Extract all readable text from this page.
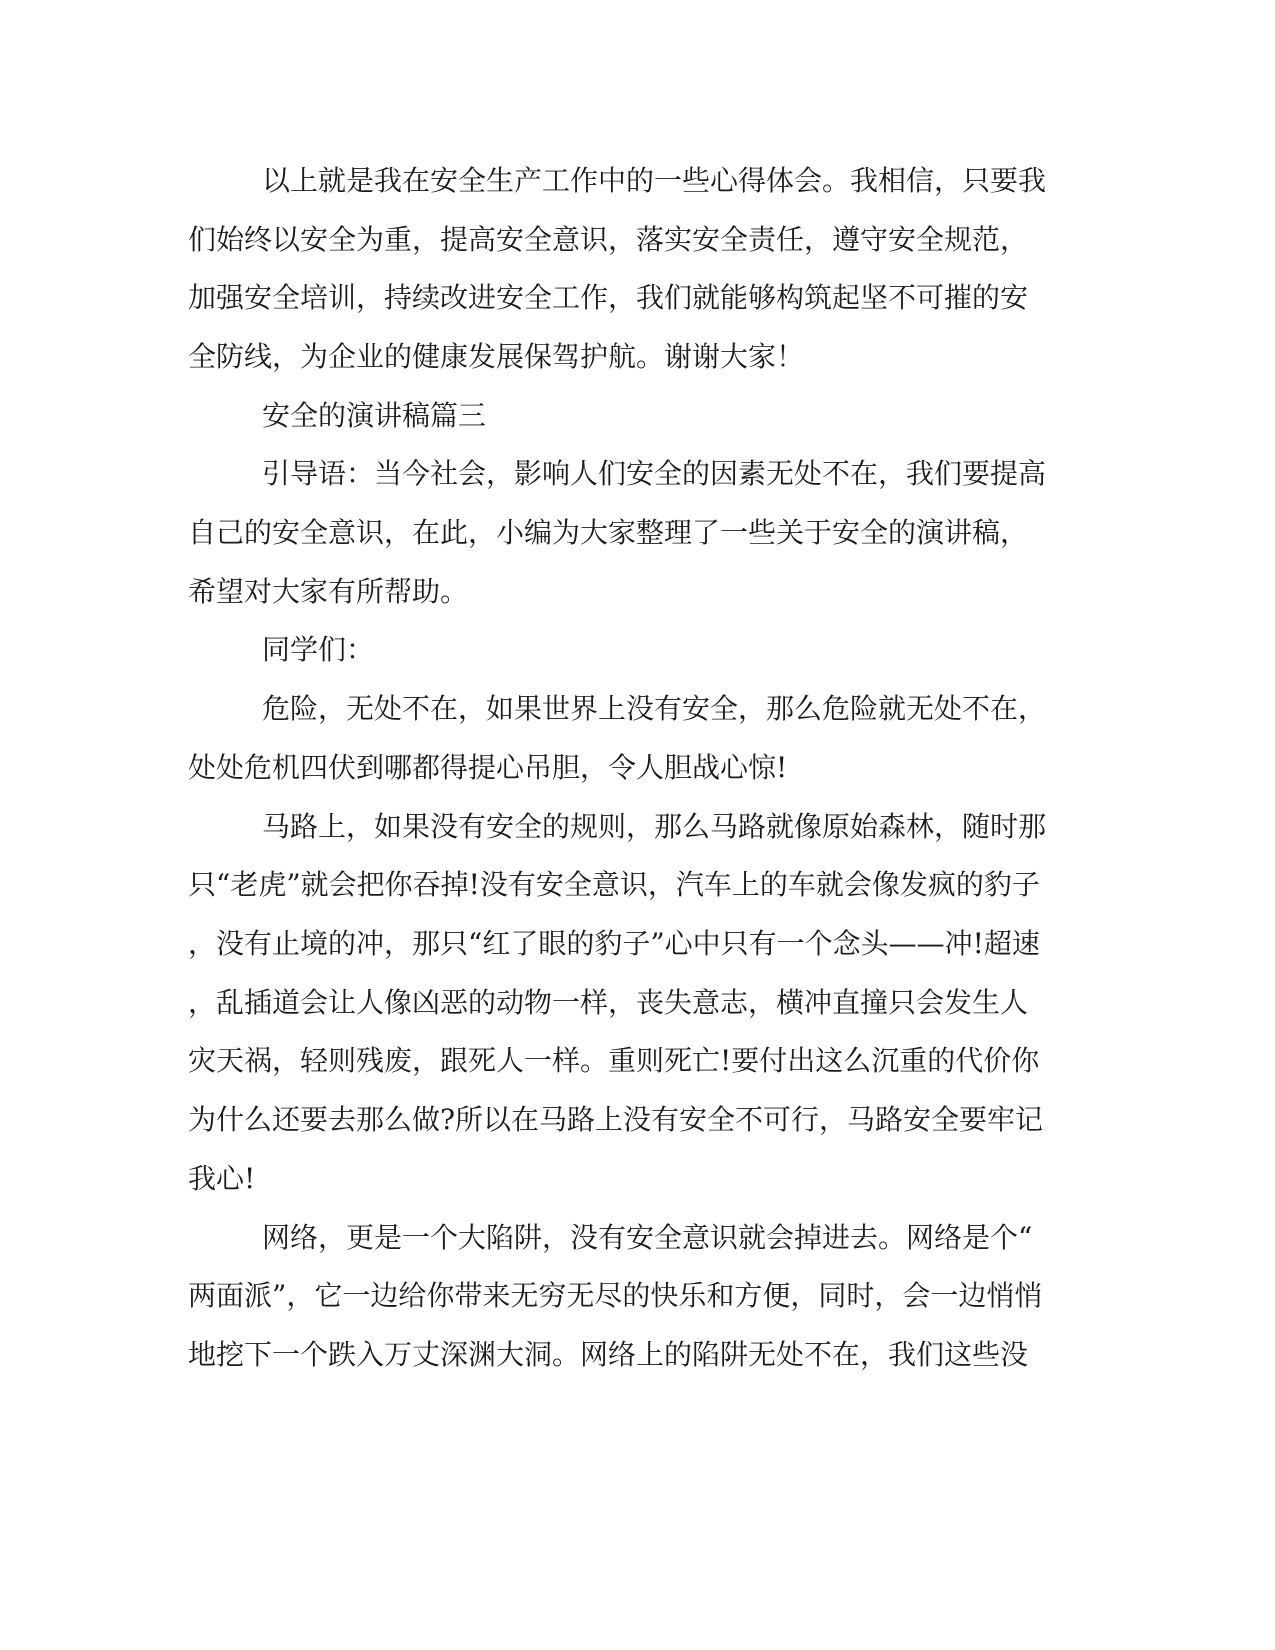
以上就是我在安全生产工作中的一些心得体会。我相信，只要我

们始终以安全为重，提高安全意识，落实安全责任，遵守安全规范，

加强安全培训，持续改进安全工作，我们就能够构筑起坚不可摧的安

全防线，为企业的健康发展保驾护航。谢谢大家！

安全的演讲稿篇三

引导语：当今社会，影响人们安全的因素无处不在，我们要提高

自己的安全意识，在此，小编为大家整理了一些关于安全的演讲稿，

希望对大家有所帮助。

同学们：

危险，无处不在，如果世界上没有安全，那么危险就无处不在，

处处危机四伏到哪都得提心吊胆，令人胆战心惊!

马路上，如果没有安全的规则，那么马路就像原始森林，随时那

只“老虎”就会把你吞掉!没有安全意识，汽车上的车就会像发疯的豹子

，没有止境的冲，那只“红了眼的豹子”心中只有一个念头——冲!超速

，乱插道会让人像凶恶的动物一样，丧失意志，横冲直撞只会发生人

灾天祸，轻则残废，跟死人一样。重则死亡!要付出这么沉重的代价你

为什么还要去那么做?所以在马路上没有安全不可行，马路安全要牢记

我心!

网络，更是一个大陷阱，没有安全意识就会掉进去。网络是个“

两面派”，它一边给你带来无穷无尽的快乐和方便，同时，会一边悄悄

地挖下一个跌入万丈深渊大洞。网络上的陷阱无处不在，我们这些没
